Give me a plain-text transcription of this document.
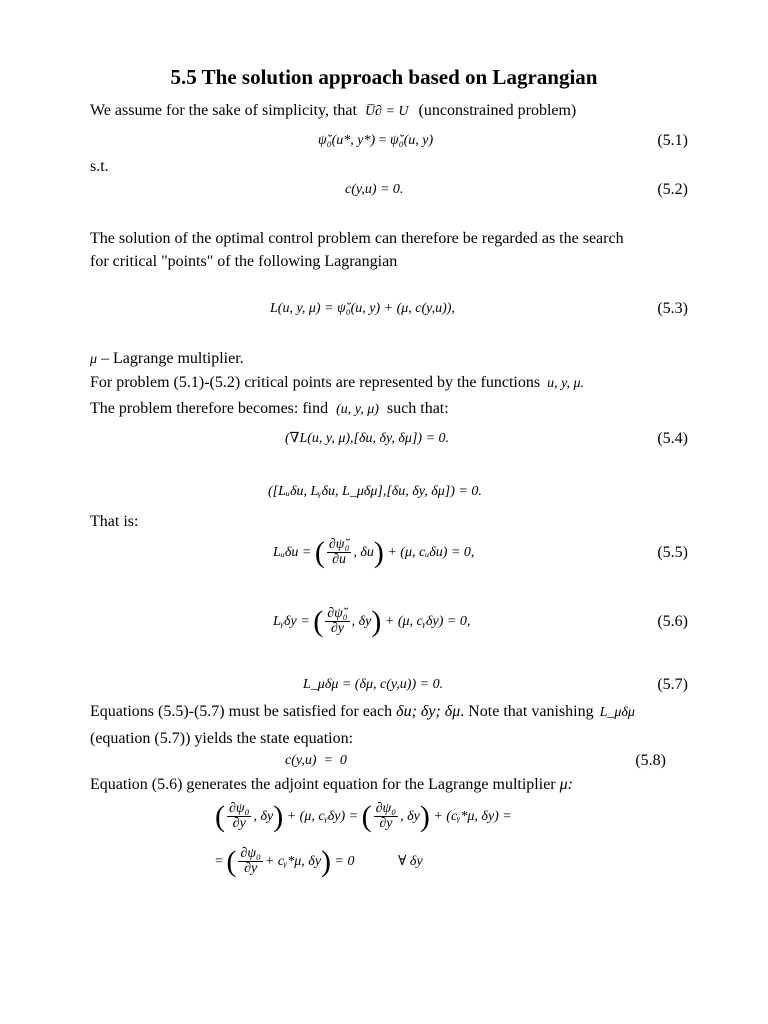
5.5 The solution approach based on Lagrangian
We assume for the sake of simplicity, that U̅∂ = U (unconstrained problem)
ψ̆₀(u*, y*) = ψ̆₀(u, y)	(5.1)
s.t.
c(y,u) = 0.	(5.2)
The solution of the optimal control problem can therefore be regarded as the search
for critical "points" of the following Lagrangian
L(u, y, μ) = ψ̆₀(u, y) + (μ, c(y,u)),	(5.3)
μ – Lagrange multiplier.
For problem (5.1)-(5.2) critical points are represented by the functions u, y, μ.
The problem therefore becomes: find (u, y, μ) such that:
(∇L(u, y, μ),[δu, δy, δμ]) = 0.	(5.4)
([Lᵤδu, Lᵧδu, L_μδμ],[δu, δy, δμ]) = 0.
That is:
Lᵤδu = ( $\frac{\text{∂ψ̆₀}}{\partial u}$ , δu) + (μ, cᵤδu) = 0,	(5.5)
Lᵧδy = ( $\frac{\text{∂ψ̆₀}}{\partial y}$ , δy) + (μ, cᵧδy) = 0,	(5.6)
L_μδμ = (δμ, c(y,u)) = 0.	(5.7)
Equations (5.5)-(5.7) must be satisfied for each δu; δy; δμ. Note that vanishing L_μδμ
(equation (5.7)) yields the state equation:
c(y,u)  =  0	(5.8)
Equation (5.6) generates the adjoint equation for the Lagrange multiplier μ:
( $\frac{\text{∂ψ₀}}{\partial y}$ , δy) + (μ, cᵧδy) = ( $\frac{\text{∂ψ₀}}{\partial y}$ , δy) + (cᵧ*μ, δy) =
= ( $\frac{\text{∂ψ₀}}{\partial y}$ + cᵧ*μ, δy) = 0	∀ δy
